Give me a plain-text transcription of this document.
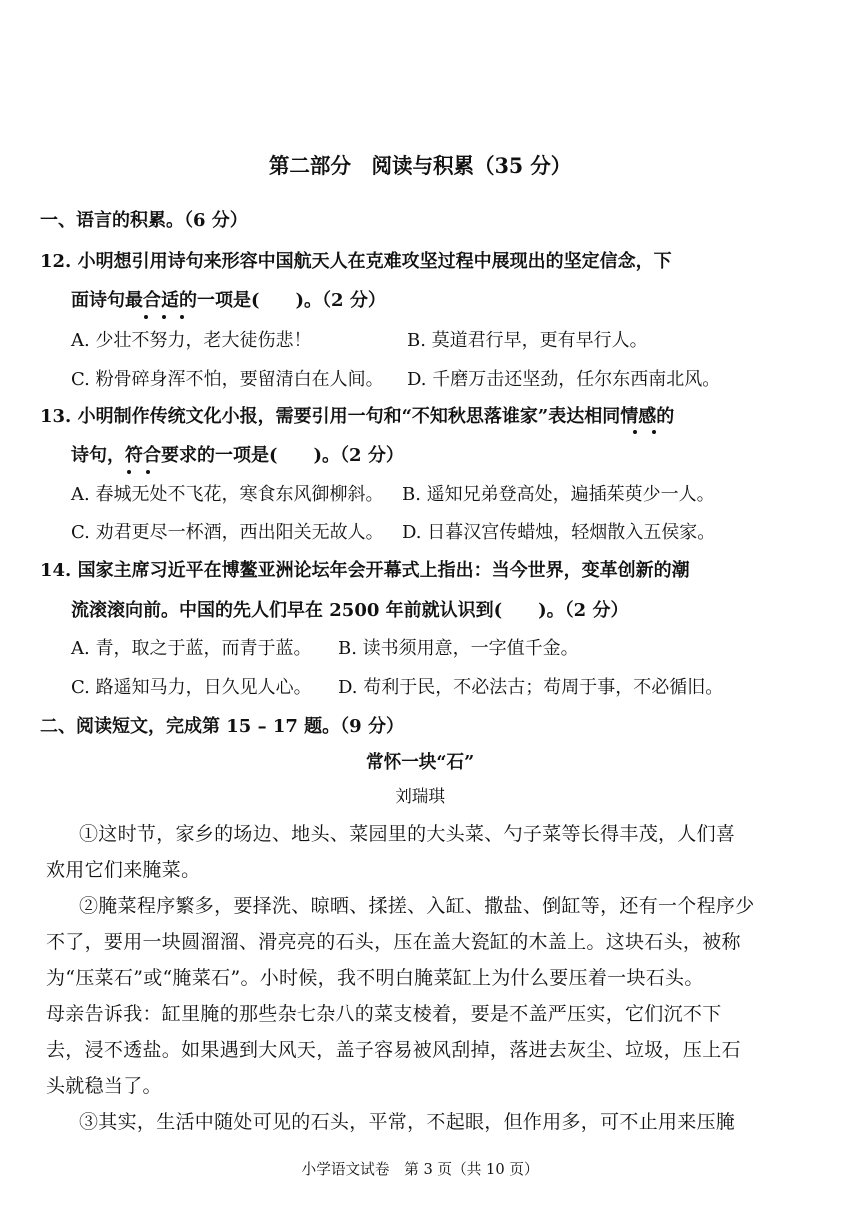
第二部分　阅读与积累（35 分）
一、语言的积累。（6 分）
12. 小明想引用诗句来形容中国航天人在克难攻坚过程中展现出的坚定信念，下
面诗句最合适的一项是(　　)。（2 分）
A. 少壮不努力，老大徒伤悲！	B. 莫道君行早，更有早行人。
C. 粉骨碎身浑不怕，要留清白在人间。 D. 千磨万击还坚劲，任尔东西南北风。
13. 小明制作传统文化小报，需要引用一句和“不知秋思落谁家”表达相同情感的
诗句，符合要求的一项是(　　)。（2 分）
A. 春城无处不飞花，寒食东风御柳斜。 B. 遥知兄弟登高处，遍插茱萸少一人。
C. 劝君更尽一杯酒，西出阳关无故人。 D. 日暮汉宫传蜡烛，轻烟散入五侯家。
14. 国家主席习近平在博鳌亚洲论坛年会开幕式上指出：当今世界，变革创新的潮
流滚滚向前。中国的先人们早在 2500 年前就认识到(　　)。（2 分）
A. 青，取之于蓝，而青于蓝。 B. 读书须用意，一字值千金。
C. 路遥知马力，日久见人心。 D. 苟利于民，不必法古；苟周于事，不必循旧。
二、阅读短文，完成第 15 – 17 题。（9 分）
常怀一块“石”
刘瑞琪
①这时节，家乡的场边、地头、菜园里的大头菜、勺子菜等长得丰茂，人们喜
欢用它们来腌菜。
②腌菜程序繁多，要择洗、晾晒、揉搓、入缸、撒盐、倒缸等，还有一个程序少
不了，要用一块圆溜溜、滑亮亮的石头，压在盖大瓷缸的木盖上。这块石头，被称
为“压菜石”或“腌菜石”。小时候，我不明白腌菜缸上为什么要压着一块石头。
母亲告诉我：缸里腌的那些杂七杂八的菜支棱着，要是不盖严压实，它们沉不下
去，浸不透盐。如果遇到大风天，盖子容易被风刮掉，落进去灰尘、垃圾，压上石
头就稳当了。
③其实，生活中随处可见的石头，平常，不起眼，但作用多，可不止用来压腌
小学语文试卷　第 3 页（共 10 页）
